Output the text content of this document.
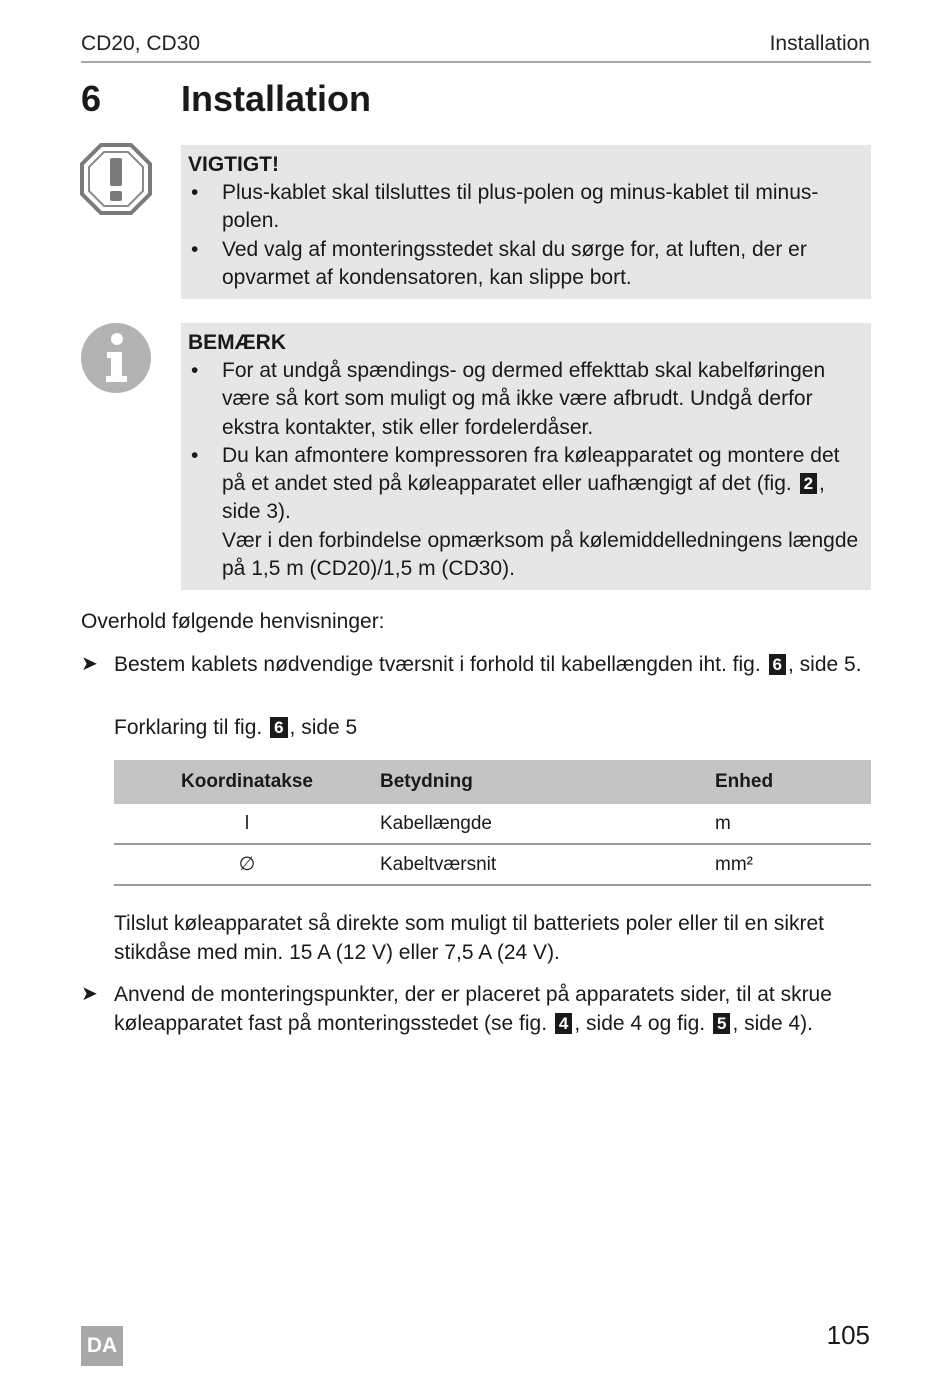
CD20, CD30	Installation
6 Installation
VIGTIGT!
• Plus-kablet skal tilsluttes til plus-polen og minus-kablet til minus-polen.
• Ved valg af monteringsstedet skal du sørge for, at luften, der er opvarmet af kondensatoren, kan slippe bort.
BEMÆRK
• For at undgå spændings- og dermed effekttab skal kabelføringen være så kort som muligt og må ikke være afbrudt. Undgå derfor ekstra kontakter, stik eller fordelerdåser.
• Du kan afmontere kompressoren fra køleapparatet og montere det på et andet sted på køleapparatet eller uafhængigt af det (fig. 2 , side 3).
Vær i den forbindelse opmærksom på kølemiddelledningens længde på 1,5 m (CD20)/1,5 m (CD30).
Overhold følgende henvisninger:
➤ Bestem kablets nødvendige tværsnit i forhold til kabellængden iht. fig. 6 , side 5.
Forklaring til fig. 6 , side 5
Koordinatakse	Betydning	Enhed
l	Kabellængde	m
∅	Kabeltværsnit	mm²
Tilslut køleapparatet så direkte som muligt til batteriets poler eller til en sikret stikdåse med min. 15 A (12 V) eller 7,5 A (24 V).
➤ Anvend de monteringspunkter, der er placeret på apparatets sider, til at skrue køleapparatet fast på monteringsstedet (se fig. 4 , side 4 og fig. 5 , side 4).
DA	105
